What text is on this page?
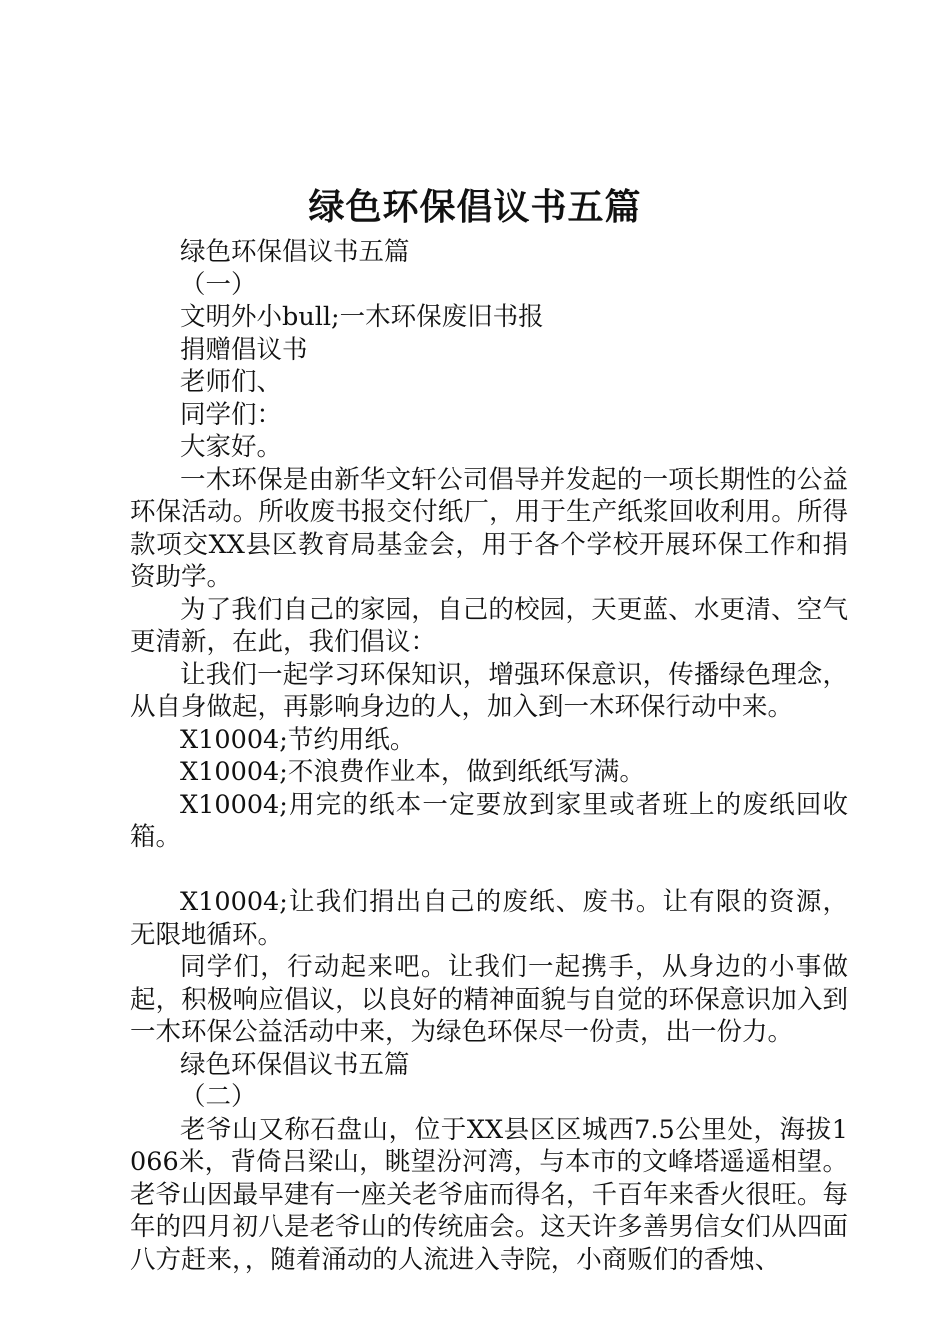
绿色环保倡议书五篇

绿色环保倡议书五篇

（一）

文明外小bull;一木环保废旧书报

捐赠倡议书

老师们、

同学们：

大家好。

一木环保是由新华文轩公司倡导并发起的一项长期性的公益环保活动。所收废书报交付纸厂，用于生产纸浆回收利用。所得款项交XX县区教育局基金会，用于各个学校开展环保工作和捐资助学。

为了我们自己的家园，自己的校园，天更蓝、水更清、空气更清新，在此，我们倡议：

让我们一起学习环保知识，增强环保意识，传播绿色理念，从自身做起，再影响身边的人，加入到一木环保行动中来。

X10004;节约用纸。

X10004;不浪费作业本，做到纸纸写满。

X10004;用完的纸本一定要放到家里或者班上的废纸回收箱。

X10004;让我们捐出自己的废纸、废书。让有限的资源，无限地循环。

同学们，行动起来吧。让我们一起携手，从身边的小事做起，积极响应倡议，以良好的精神面貌与自觉的环保意识加入到一木环保公益活动中来，为绿色环保尽一份责，出一份力。

绿色环保倡议书五篇

（二）

老爷山又称石盘山，位于XX县区区城西7.5公里处，海拔1066米，背倚吕梁山，眺望汾河湾，与本市的文峰塔遥遥相望。老爷山因最早建有一座关老爷庙而得名，千百年来香火很旺。每年的四月初八是老爷山的传统庙会。这天许多善男信女们从四面八方赶来，，随着涌动的人流进入寺院，小商贩们的香烛、
